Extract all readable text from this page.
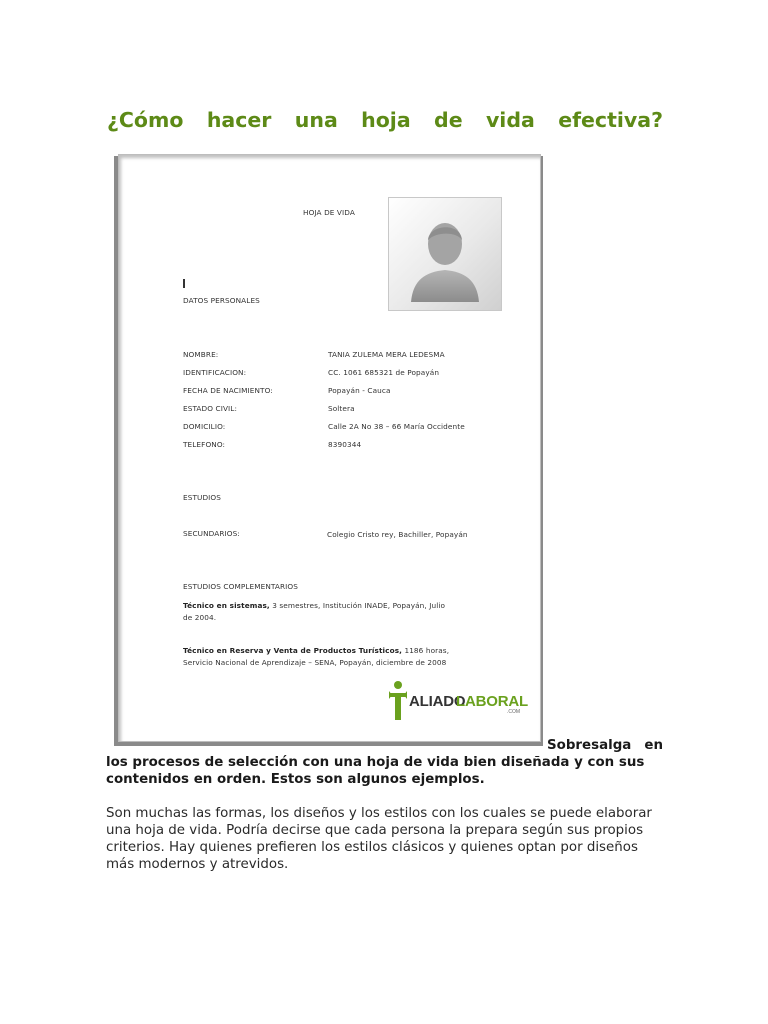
¿Cómo hacer una hoja de vida efectiva?
HOJA DE VIDA
DATOS PERSONALES
NOMBRE:	TANIA ZULEMA MERA LEDESMA
IDENTIFICACION:	CC. 1061 685321 de Popayán
FECHA DE NACIMIENTO:	Popayán - Cauca
ESTADO CIVIL:	Soltera
DOMICILIO:	Calle 2A No 38 – 66 María Occidente
TELEFONO:	8390344
ESTUDIOS
SECUNDARIOS:	Colegio Cristo rey, Bachiller, Popayán
ESTUDIOS COMPLEMENTARIOS
Técnico en sistemas, 3 semestres, Institución INADE, Popayán, Julio de 2004.
Técnico en Reserva y Venta de Productos Turísticos, 1186 horas, Servicio Nacional de Aprendizaje – SENA, Popayán, diciembre de 2008
ALIADO
LABORAL
.COM

Sobresalga en los procesos de selección con una hoja de vida bien diseñada y con sus
contenidos en orden. Estos son algunos ejemplos.

Son muchas las formas, los diseños y los estilos con los cuales se puede elaborar una hoja de vida. Podría decirse que cada persona la prepara según sus propios criterios. Hay quienes prefieren los estilos clásicos y quienes optan por diseños más modernos y atrevidos.
